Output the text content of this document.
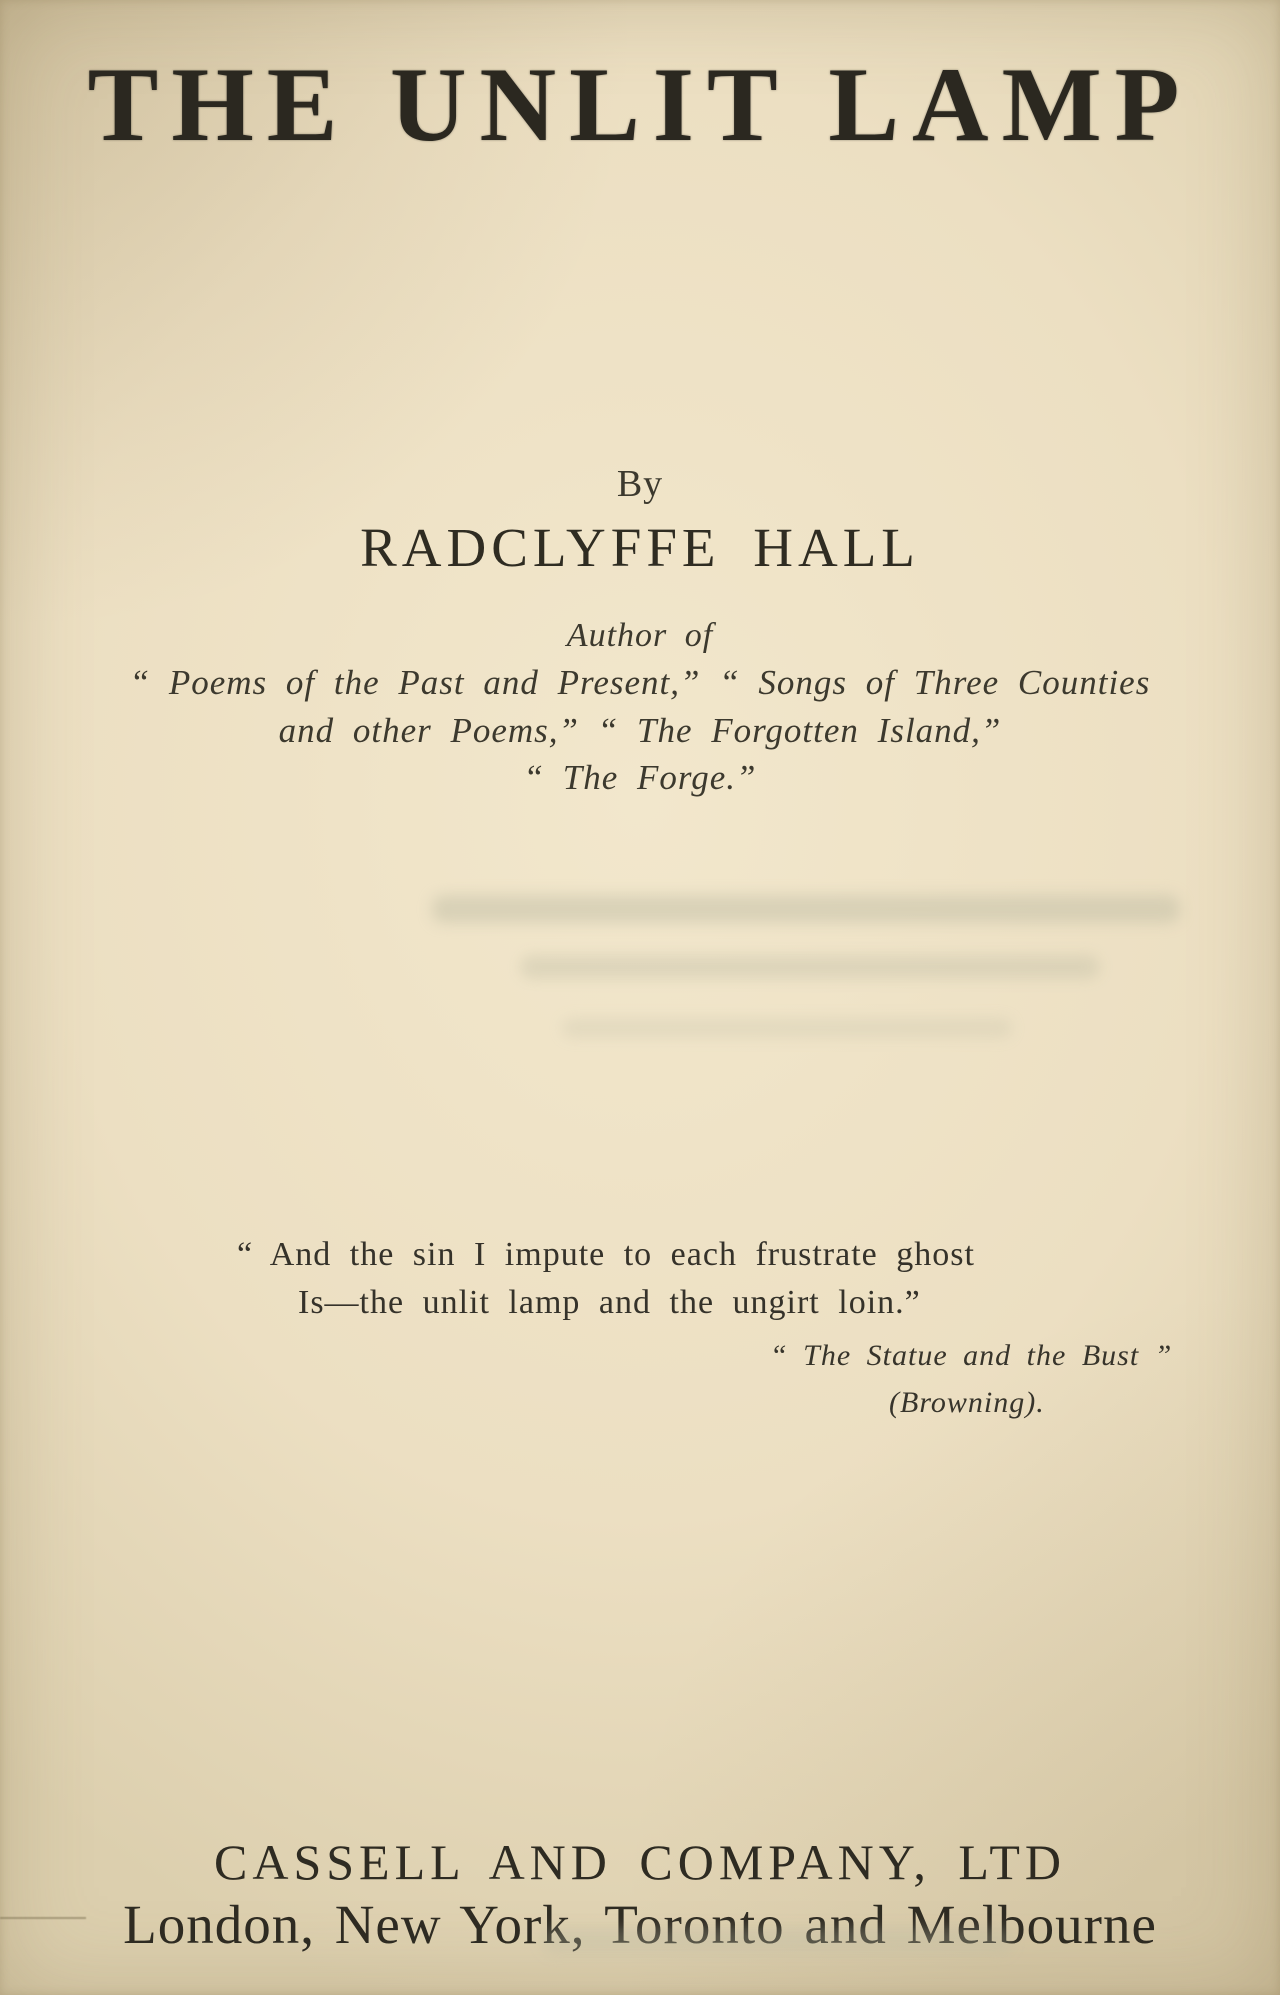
THE UNLIT LAMP
By
RADCLYFFE HALL
Author of
“ Poems of the Past and Present,” “ Songs of Three Counties
and other Poems,” “ The Forgotten Island,”
“ The Forge.”
“ And the sin I impute to each frustrate ghost
Is—the unlit lamp and the ungirt loin.”
“ The Statue and the Bust ”
(Browning).
CASSELL AND COMPANY, LTD
London, New York, Toronto and Melbourne
